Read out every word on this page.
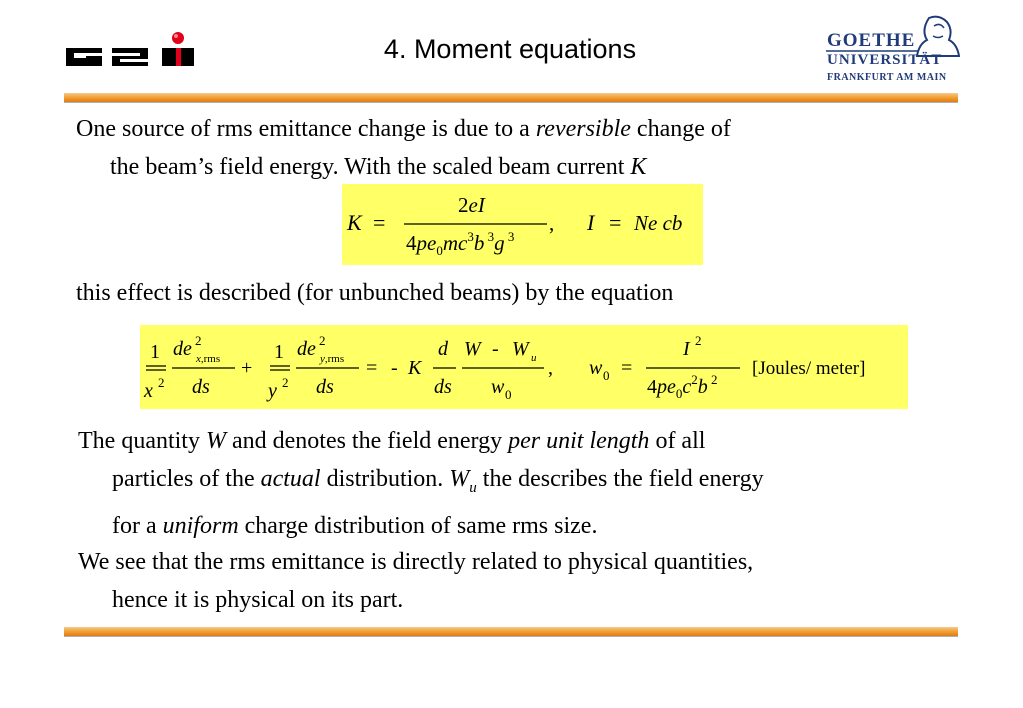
4. Moment equations	GOETHE
UNIVERSITÄT
FRANKFURT AM MAIN
One source of rms emittance change is due to a reversible change of
the beam’s field energy. With the scaled beam current K
K =
2eI
$4pe_0mc^3b$ $^3$g $^3$
, I = Ne cb
this effect is described (for unbunched beams) by the equation
1
x 2
de 2
x,rms
ds
+
1
y 2
de 2
y,rms
ds
= - K
d
ds
W - W u
w 0
, w 0 =
I 2
$4pe_0c^2b$ $^2$
[Joules/ meter]
The quantity W and denotes the field energy per unit length of all
particles of the actual distribution. $W_u$ the describes the field energy
for a uniform charge distribution of same rms size.
We see that the rms emittance is directly related to physical quantities,
hence it is physical on its part.
